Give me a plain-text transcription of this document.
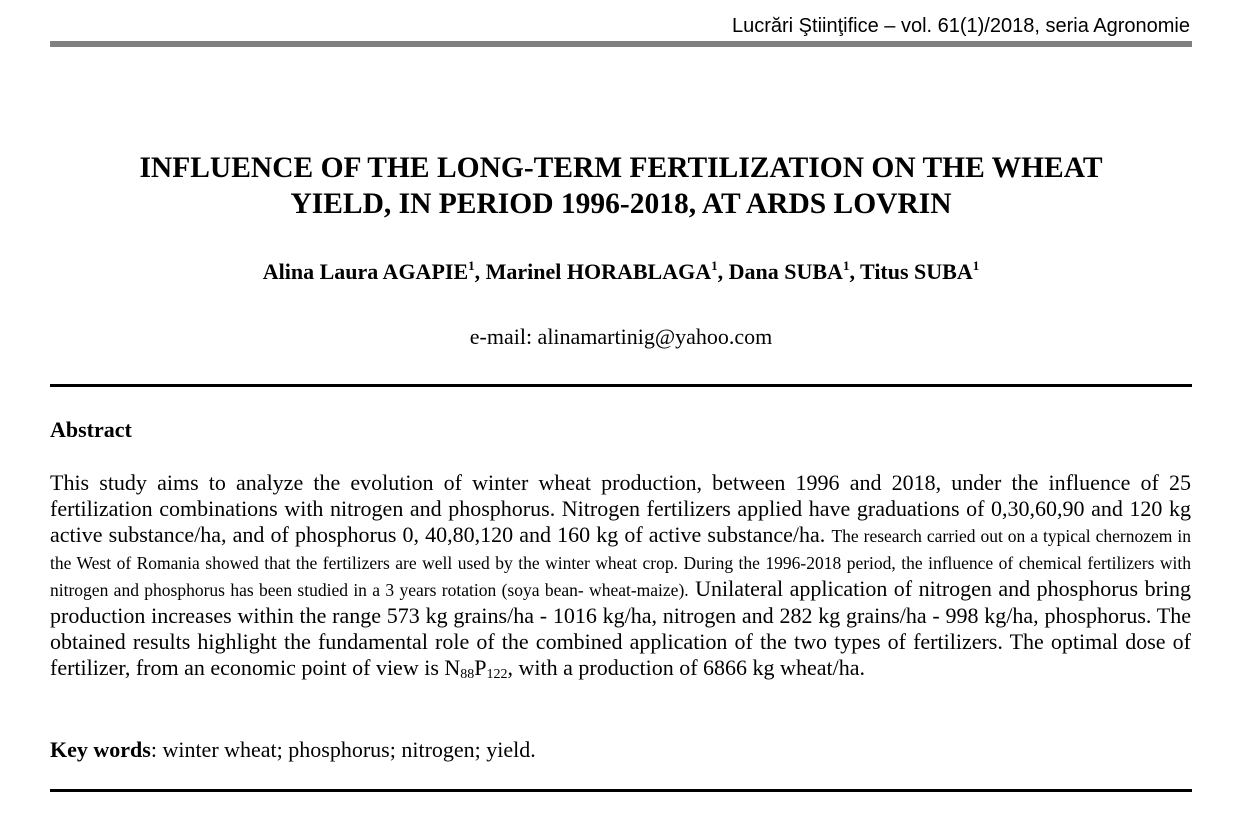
Lucrări Ştiinţifice – vol. 61(1)/2018, seria Agronomie
INFLUENCE OF THE LONG-TERM FERTILIZATION ON THE WHEAT
YIELD, IN PERIOD 1996-2018, AT ARDS LOVRIN
Alina Laura AGAPIE$^1$, Marinel HORABLAGA$^1$, Dana SUBA$^1$, Titus SUBA$^1$
e-mail: alinamartinig@yahoo.com
Abstract
This study aims to analyze the evolution of winter wheat production, between 1996 and 2018, under the influence of 25 fertilization combinations with nitrogen and phosphorus. Nitrogen fertilizers applied have graduations of 0,30,60,90 and 120 kg active substance/ha, and of phosphorus 0, 40,80,120 and 160 kg of active substance/ha. The research carried out on a typical chernozem in the West of Romania showed that the fertilizers are well used by the winter wheat crop. During the 1996-2018 period, the influence of chemical fertilizers with nitrogen and phosphorus has been studied in a 3 years rotation (soya bean- wheat-maize). Unilateral application of nitrogen and phosphorus bring production increases within the range 573 kg grains/ha - 1016 kg/ha, nitrogen and 282 kg grains/ha - 998 kg/ha, phosphorus. The obtained results highlight the fundamental role of the combined application of the two types of fertilizers. The optimal dose of fertilizer, from an economic point of view is $N_{88}P_{122}$, with a production of 6866 kg wheat/ha.
Key words: winter wheat; phosphorus; nitrogen; yield.
